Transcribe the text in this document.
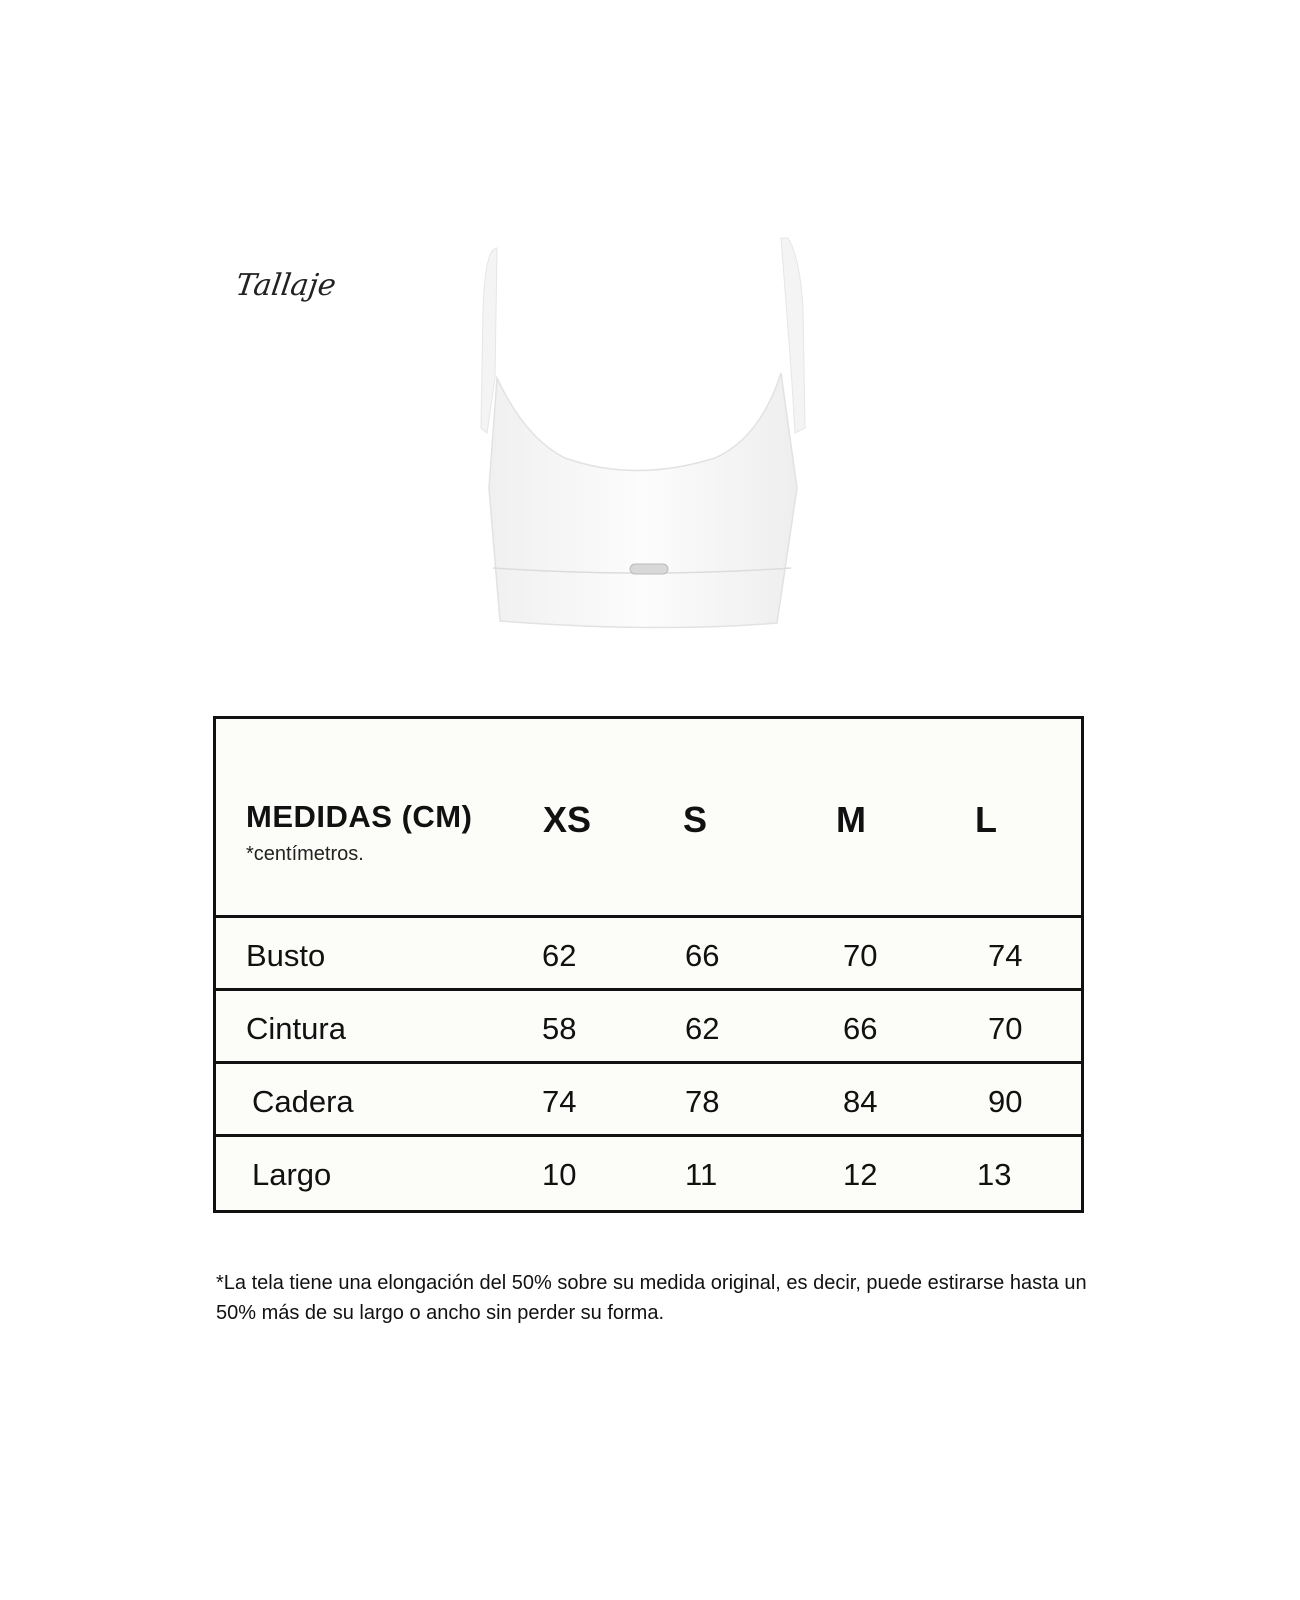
Tallaje
MEDIDAS (CM)
*centímetros.
XS	S	M	L
Busto	62	66	70	74
Cintura	58	62	66	70
Cadera	74	78	84	90
Largo	10	11	12	13
*La tela tiene una elongación del 50% sobre su medida original, es decir, puede estirarse hasta un 50% más de su largo o ancho sin perder su forma.
